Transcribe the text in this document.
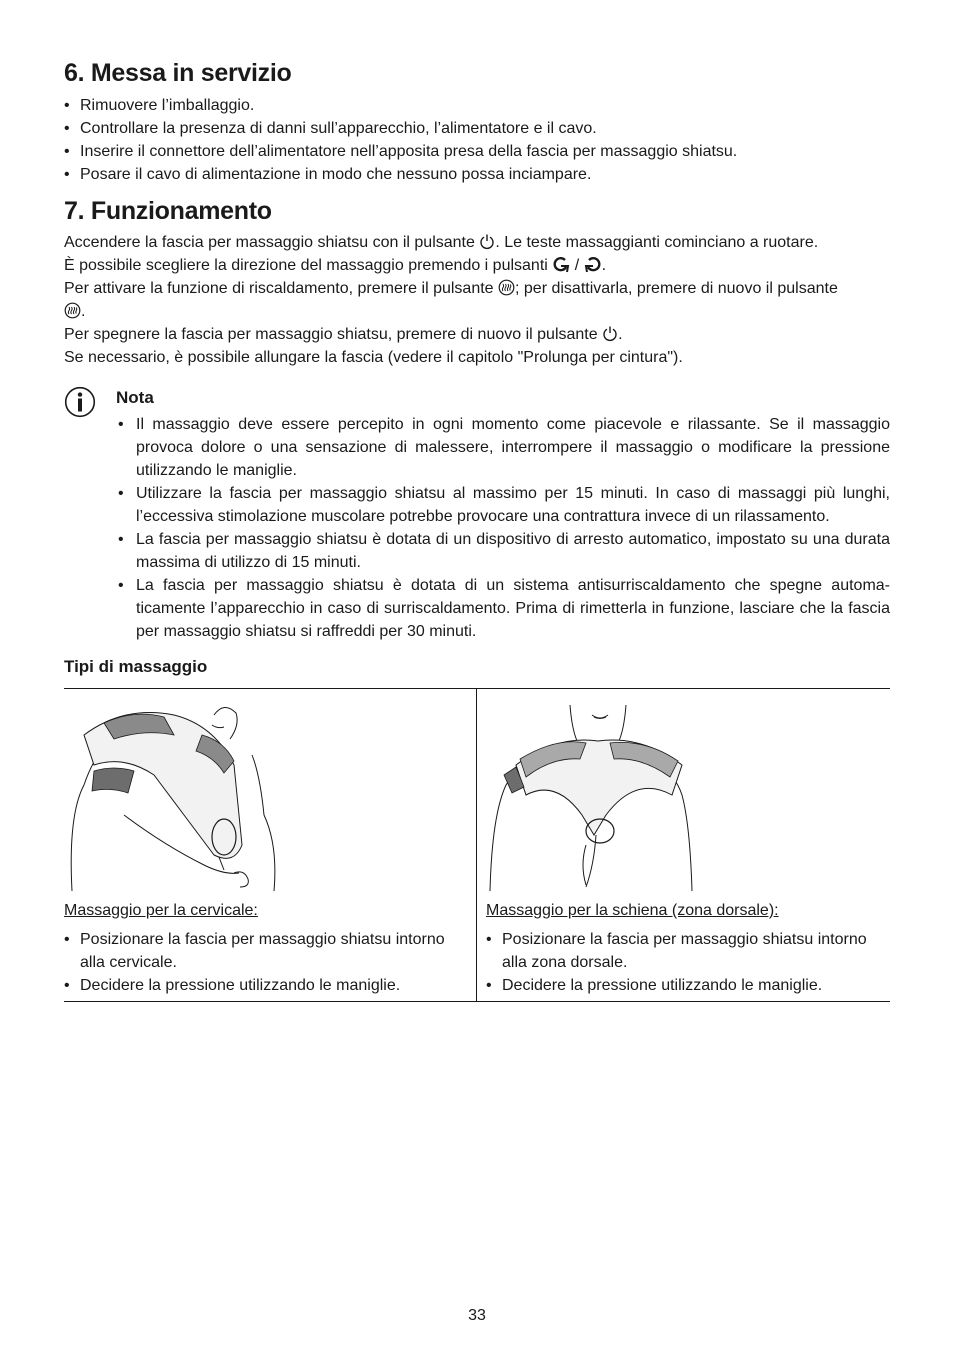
6. Messa in servizio
• Rimuovere l’imballaggio.
• Controllare la presenza di danni sull’apparecchio, l’alimentatore e il cavo.
• Inserire il connettore dell’alimentatore nell’apposita presa della fascia per massaggio shiatsu.
• Posare il cavo di alimentazione in modo che nessuno possa inciampare.
7. Funzionamento

Accendere la fascia per massaggio shiatsu con il pulsante . Le teste massaggianti cominciano a ruotare.

È possibile scegliere la direzione del massaggio premendo i pulsanti  / .

Per attivare la funzione di riscaldamento, premere il pulsante ; per disattivarla, premere di nuovo il pulsante
.

Per spegnere la fascia per massaggio shiatsu, premere di nuovo il pulsante .

Se necessario, è possibile allungare la fascia (vedere il capitolo "Prolunga per cintura").

Nota
• Il massaggio deve essere percepito in ogni momento come piacevole e rilassante. Se il massaggio provoca dolore o una sensazione di malessere, interrompere il massaggio o modificare la pressione utilizzando le maniglie.
• Utilizzare la fascia per massaggio shiatsu al massimo per 15 minuti. In caso di massaggi più lunghi, l’eccessiva stimolazione muscolare potrebbe provocare una contrattura invece di un rilassamento.
• La fascia per massaggio shiatsu è dotata di un dispositivo di arresto automatico, impostato su una durata massima di utilizzo di 15 minuti.
• La fascia per massaggio shiatsu è dotata di un sistema antisurriscaldamento che spegne automa-ticamente l’apparecchio in caso di surriscaldamento. Prima di rimetterla in funzione, lasciare che la fascia per massaggio shiatsu si raffreddi per 30 minuti.
Tipi di massaggio
Massaggio per la cervicale:
• Posizionare la fascia per massaggio shiatsu intorno alla cervicale.
• Decidere la pressione utilizzando le maniglie.
Massaggio per la schiena (zona dorsale):
• Posizionare la fascia per massaggio shiatsu intorno alla zona dorsale.
• Decidere la pressione utilizzando le maniglie.
33
